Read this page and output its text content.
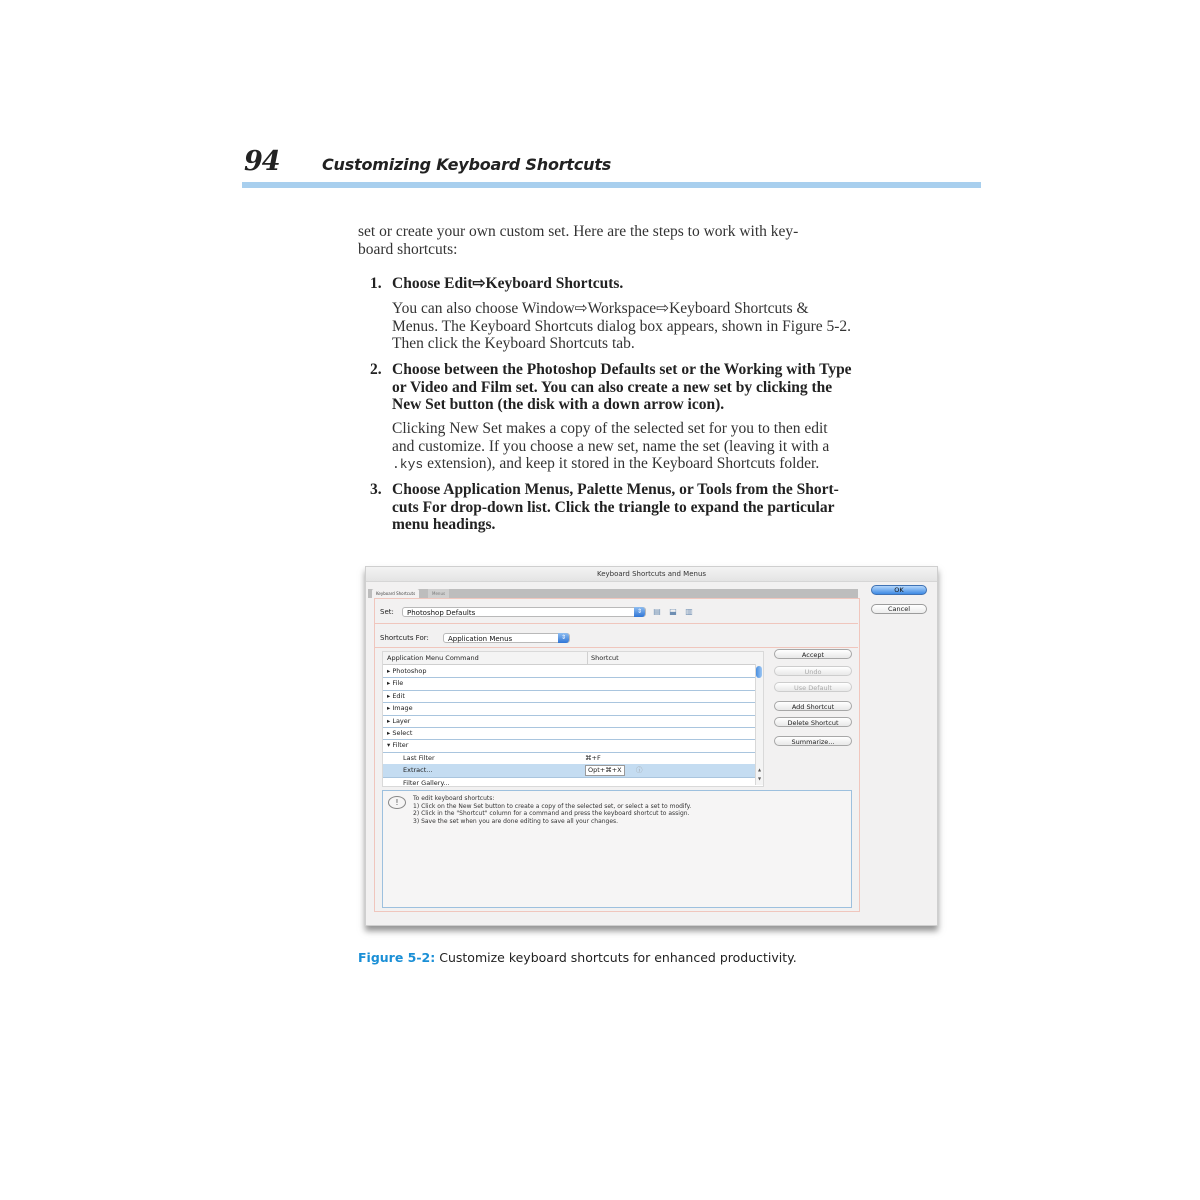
94	Customizing Keyboard Shortcuts
set or create your own custom set. Here are the steps to work with key-
board shortcuts:
1. Choose Edit⇨Keyboard Shortcuts.
You can also choose Window⇨Workspace⇨Keyboard Shortcuts &
Menus. The Keyboard Shortcuts dialog box appears, shown in Figure 5-2.
Then click the Keyboard Shortcuts tab.
2. Choose between the Photoshop Defaults set or the Working with Type
or Video and Film set. You can also create a new set by clicking the
New Set button (the disk with a down arrow icon).
Clicking New Set makes a copy of the selected set for you to then edit
and customize. If you choose a new set, name the set (leaving it with a
.kys extension), and keep it stored in the Keyboard Shortcuts folder.
3. Choose Application Menus, Palette Menus, or Tools from the Short-
cuts For drop-down list. Click the triangle to expand the particular
menu headings.
Keyboard Shortcuts and Menus
Keyboard Shortcuts	Menus
Set:	Photoshop Defaults	⇕	▤ ⬓ ▥
Shortcuts For:	Application Menus	⇕
Application Menu Command	Shortcut
▸ Photoshop
▸ File
▸ Edit
▸ Image
▸ Layer
▸ Select
▾ Filter
Last Filter	⌘+F
Extract...	Opt+⌘+X	ⓘ
Filter Gallery...
▲
▼
Accept
Undo
Use Default
Add Shortcut
Delete Shortcut
Summarize...
OK
Cancel
!	To edit keyboard shortcuts:
1) Click on the New Set button to create a copy of the selected set, or select a set to modify.
2) Click in the "Shortcut" column for a command and press the keyboard shortcut to assign.
3) Save the set when you are done editing to save all your changes.
Figure 5-2: Customize keyboard shortcuts for enhanced productivity.
